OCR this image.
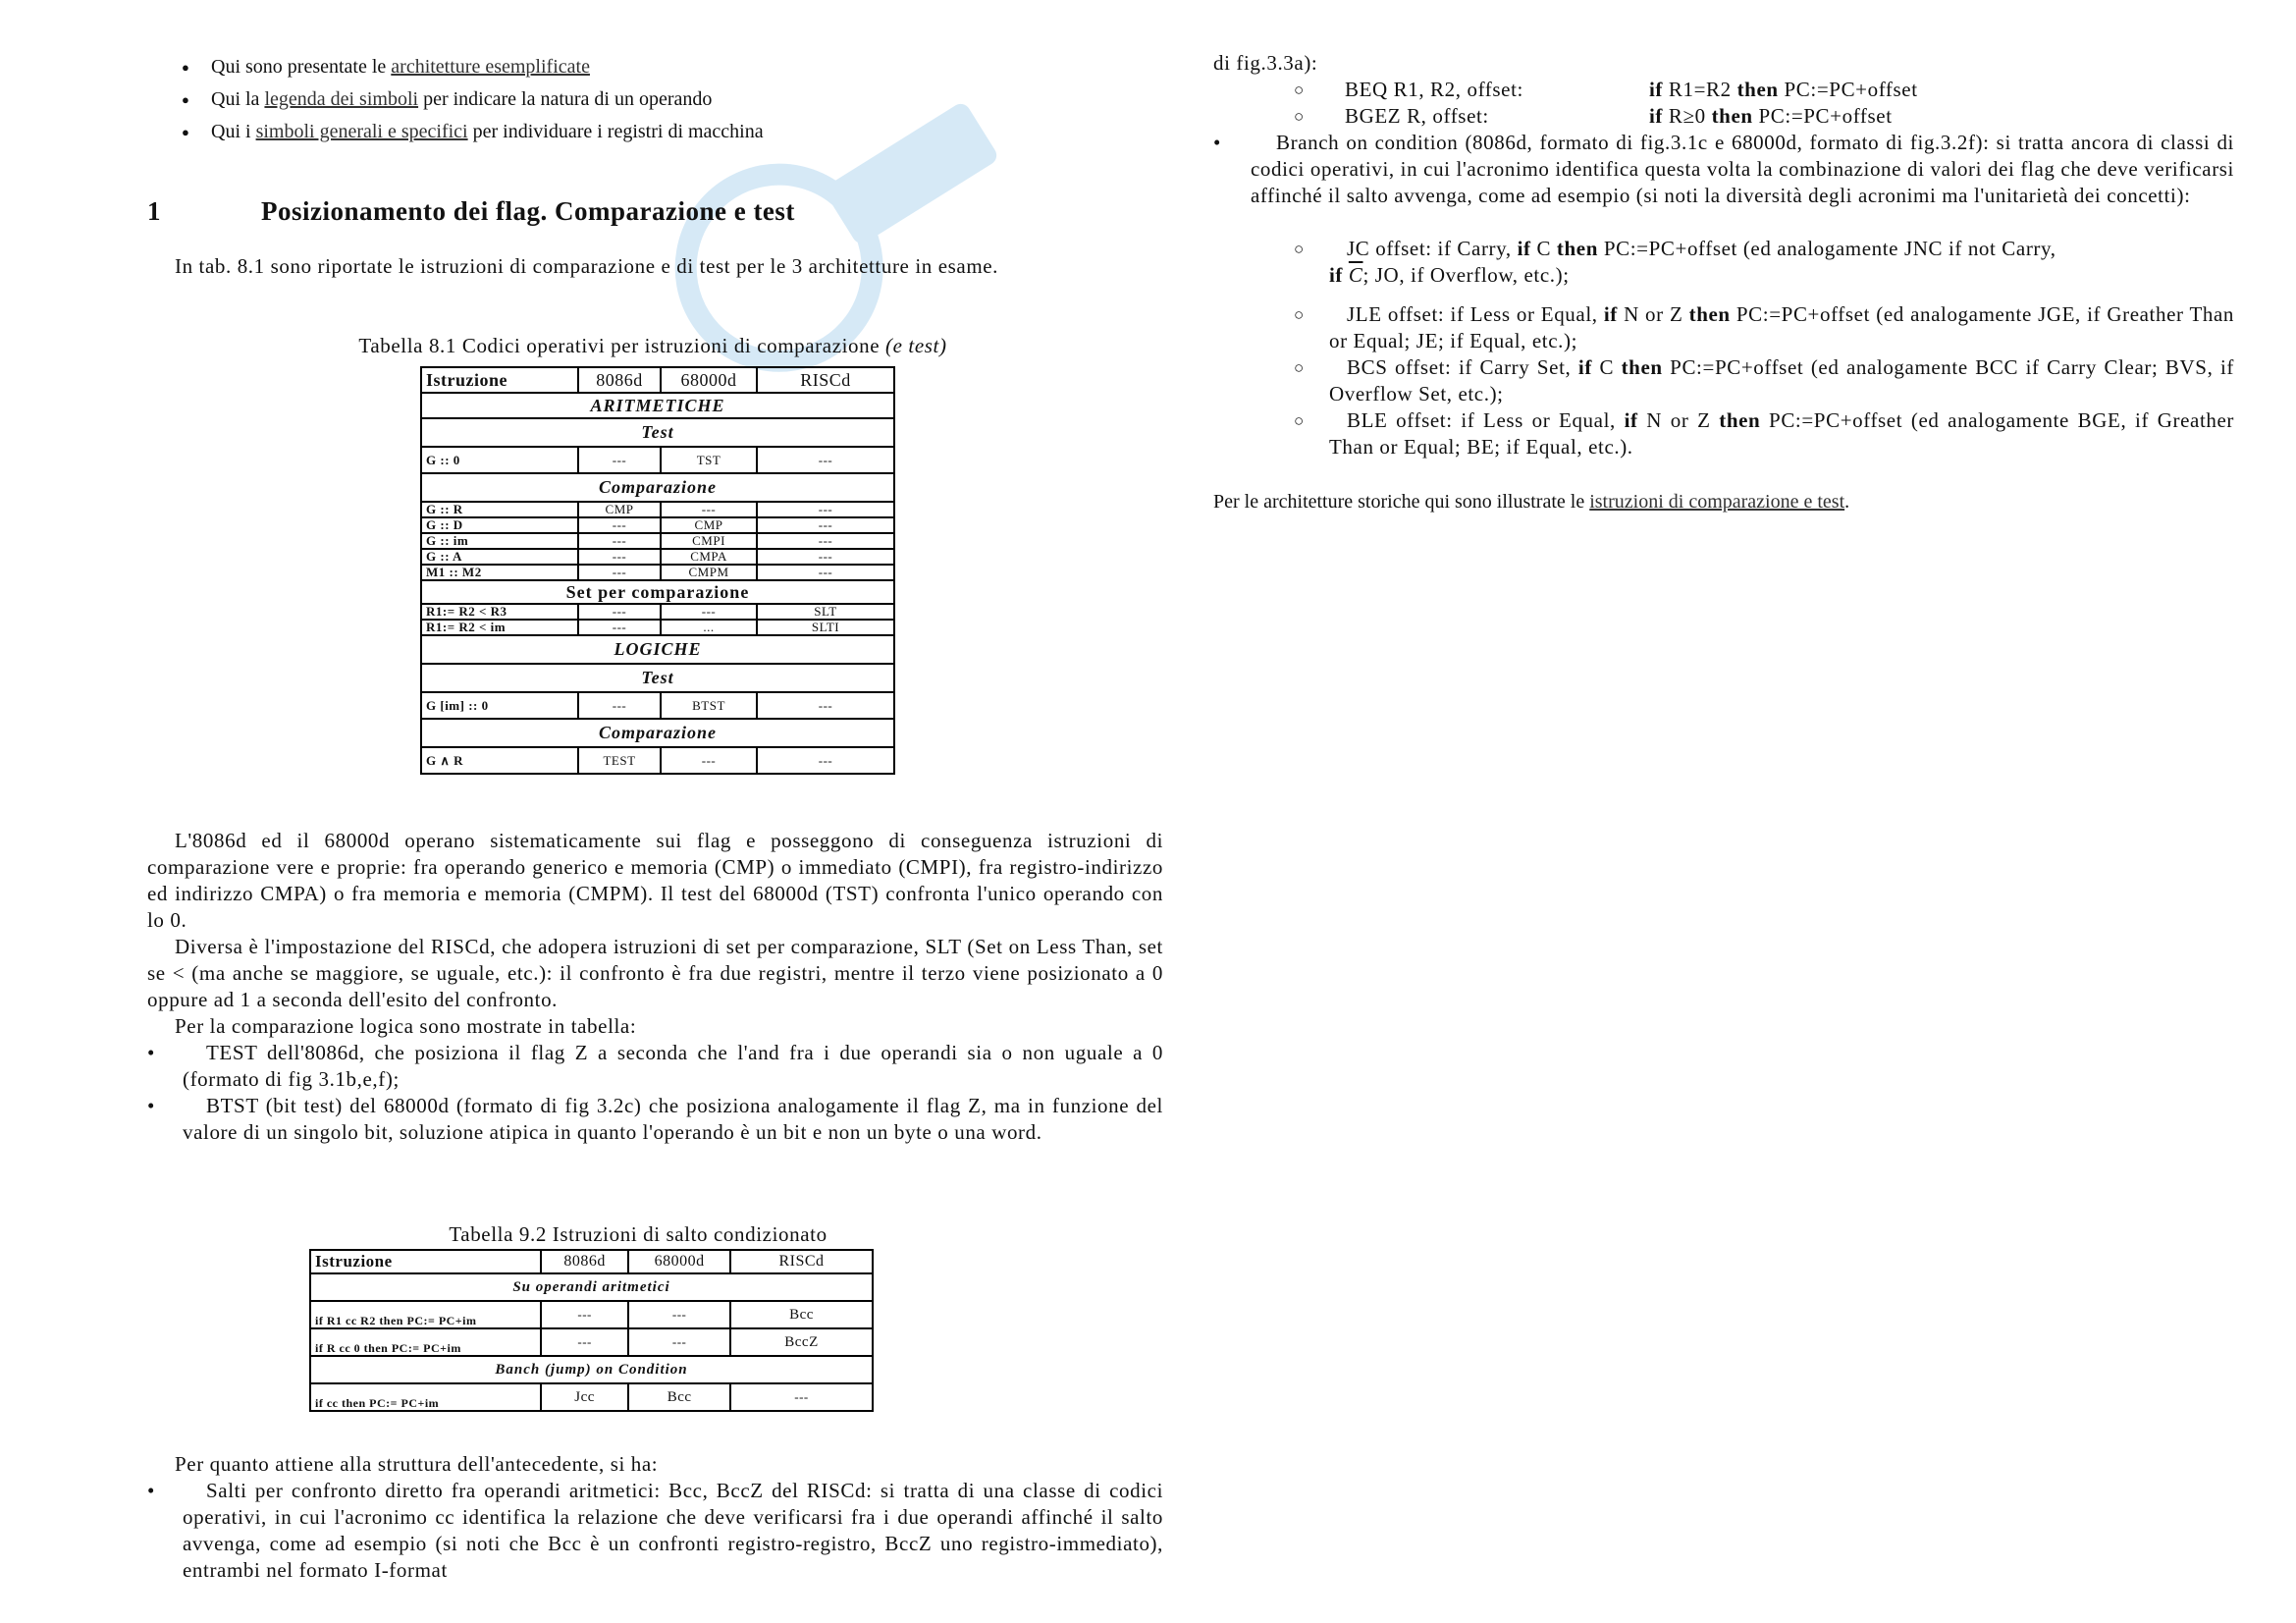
● Qui sono presentate le architetture esemplificate
● Qui la legenda dei simboli per indicare la natura di un operando
● Qui i simboli generali e specifici per individuare i registri di macchina
1	Posizionamento dei flag. Comparazione e test
In tab. 8.1 sono riportate le istruzioni di comparazione e di test per le 3 architetture in esame.
Tabella 8.1 Codici operativi per istruzioni di comparazione (e test)
Istruzione	8086d	68000d	RISCd
ARITMETICHE			
Test			
G :: 0	---	TST	---
Comparazione			
G :: R	CMP	---	---
G :: D	---	CMP	---
G :: im	---	CMPI	---
G :: A	---	CMPA	---
M1 :: M2	---	CMPM	---
Set per comparazione			
R1:= R2 < R3	---	---	SLT
R1:= R2 < im	---	...	SLTI
LOGICHE			
Test			
G [im] :: 0	---	BTST	---
Comparazione			
G ∧ R	TEST	---	---
L'8086d ed il 68000d operano sistematicamente sui flag e posseggono di conseguenza istruzioni di comparazione vere e proprie: fra operando generico e memoria (CMP) o immediato (CMPI), fra registro-indirizzo ed indirizzo CMPA) o fra memoria e memoria (CMPM). Il test del 68000d (TST) confronta l'unico operando con lo 0.
Diversa è l'impostazione del RISCd, che adopera istruzioni di set per comparazione, SLT (Set on Less Than, set se < (ma anche se maggiore, se uguale, etc.): il confronto è fra due registri, mentre il terzo viene posizionato a 0 oppure ad 1 a seconda dell'esito del confronto.
Per la comparazione logica sono mostrate in tabella:
•	TEST dell'8086d, che posiziona il flag Z a seconda che l'and fra i due operandi sia o non uguale a 0 (formato di fig 3.1b,e,f);
•	BTST (bit test) del 68000d (formato di fig 3.2c) che posiziona analogamente il flag Z, ma in funzione del valore di un singolo bit, soluzione atipica in quanto l'operando è un bit e non un byte o una word.
Tabella 9.2 Istruzioni di salto condizionato
Istruzione	8086d	68000d	RISCd
Su operandi aritmetici			
if R1 cc R2 then PC:= PC+im	---	---	Bcc
if R cc 0 then PC:= PC+im	---	---	BccZ
Banch (jump) on Condition			
if cc then PC:= PC+im	Jcc	Bcc	---
Per quanto attiene alla struttura dell'antecedente, si ha:
•	Salti per confronto diretto fra operandi aritmetici: Bcc, BccZ del RISCd: si tratta di una classe di codici operativi, in cui l'acronimo cc identifica la relazione che deve verificarsi fra i due operandi affinché il salto avvenga, come ad esempio (si noti che Bcc è un confronti registro-registro, BccZ uno registro-immediato), entrambi nel formato I-format
di fig.3.3a):
○ BEQ R1, R2, offset:	if R1=R2 then PC:=PC+offset
○ BGEZ R, offset:	if R≥0 then PC:=PC+offset
•	Branch on condition (8086d, formato di fig.3.1c e 68000d, formato di fig.3.2f): si tratta ancora di classi di codici operativi, in cui l'acronimo identifica questa volta la combinazione di valori dei flag che deve verificarsi affinché il salto avvenga, come ad esempio (si noti la diversità degli acronimi ma l'unitarietà dei concetti):
○	JC offset: if Carry, if C then PC:=PC+offset (ed analogamente JNC if not Carry,
if $\overline{C}$; JO, if Overflow, etc.);
○	JLE offset: if Less or Equal, if N or Z then PC:=PC+offset (ed analogamente JGE, if Greather Than or Equal; JE; if Equal, etc.);
○	BCS offset: if Carry Set, if C then PC:=PC+offset (ed analogamente BCC if Carry Clear; BVS, if Overflow Set, etc.);
○	BLE offset: if Less or Equal, if N or Z then PC:=PC+offset (ed analogamente BGE, if Greather Than or Equal; BE; if Equal, etc.).
Per le architetture storiche qui sono illustrate le istruzioni di comparazione e test.
